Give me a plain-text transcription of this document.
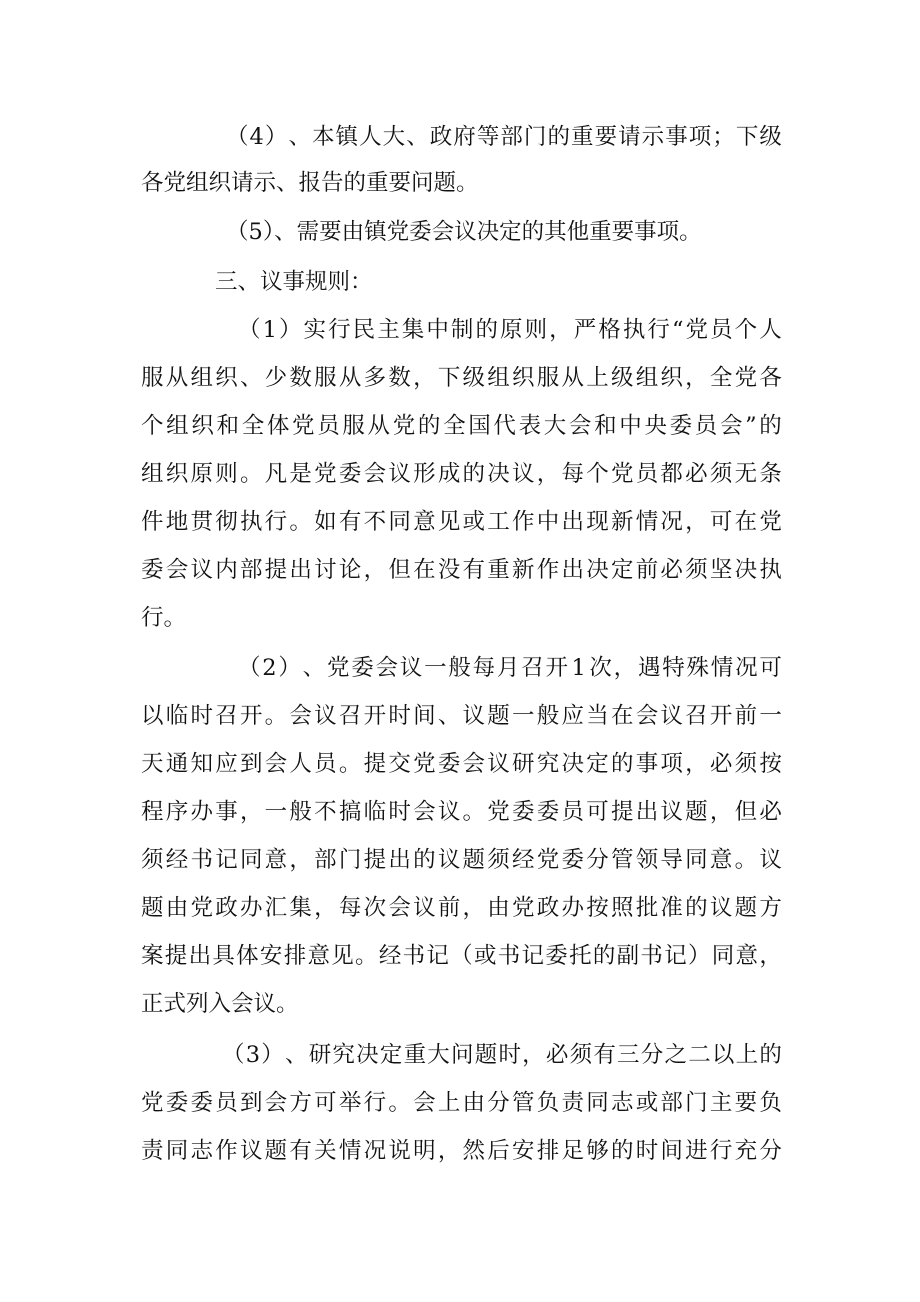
（ 4 ） 、 本 镇 人 大 、 政 府 等 部 门 的 重 要 请 示 事 项 ； 下 级
各党组织请示、报告的重要问题。
（5）、需要由镇党委会议决定的其他重要事项。
三、议事规则：
（ 1 ） 实 行 民 主 集 中 制 的 原 则 ， 严 格 执 行 “ 党 员 个 人
服 从 组 织 、 少 数 服 从 多 数 ， 下 级 组 织 服 从 上 级 组 织 ， 全 党 各
个 组 织 和 全 体 党 员 服 从 党 的 全 国 代 表 大 会 和 中 央 委 员 会 ” 的
组 织 原 则 。 凡 是 党 委 会 议 形 成 的 决 议 ， 每 个 党 员 都 必 须 无 条
件 地 贯 彻 执 行 。 如 有 不 同 意 见 或 工 作 中 出 现 新 情 况 ， 可 在 党
委 会 议 内 部 提 出 讨 论 ， 但 在 没 有 重 新 作 出 决 定 前 必 须 坚 决 执
行。
（ 2 ） 、 党 委 会 议 一 般 每 月 召 开 1 次 ， 遇 特 殊 情 况 可
以 临 时 召 开 。 会 议 召 开 时 间 、 议 题 一 般 应 当 在 会 议 召 开 前 一
天 通 知 应 到 会 人 员 。 提 交 党 委 会 议 研 究 决 定 的 事 项 ， 必 须 按
程 序 办 事 ， 一 般 不 搞 临 时 会 议 。 党 委 委 员 可 提 出 议 题 ， 但 必
须 经 书 记 同 意 ， 部 门 提 出 的 议 题 须 经 党 委 分 管 领 导 同 意 。 议
题 由 党 政 办 汇 集 ， 每 次 会 议 前 ， 由 党 政 办 按 照 批 准 的 议 题 方
案 提 出 具 体 安 排 意 见 。 经 书 记 （ 或 书 记 委 托 的 副 书 记 ） 同 意 ，
正式列入会议。
（ 3 ） 、 研 究 决 定 重 大 问 题 时 ， 必 须 有 三 分 之 二 以 上 的
党 委 委 员 到 会 方 可 举 行 。 会 上 由 分 管 负 责 同 志 或 部 门 主 要 负
责 同 志 作 议 题 有 关 情 况 说 明 ， 然 后 安 排 足 够 的 时 间 进 行 充 分
